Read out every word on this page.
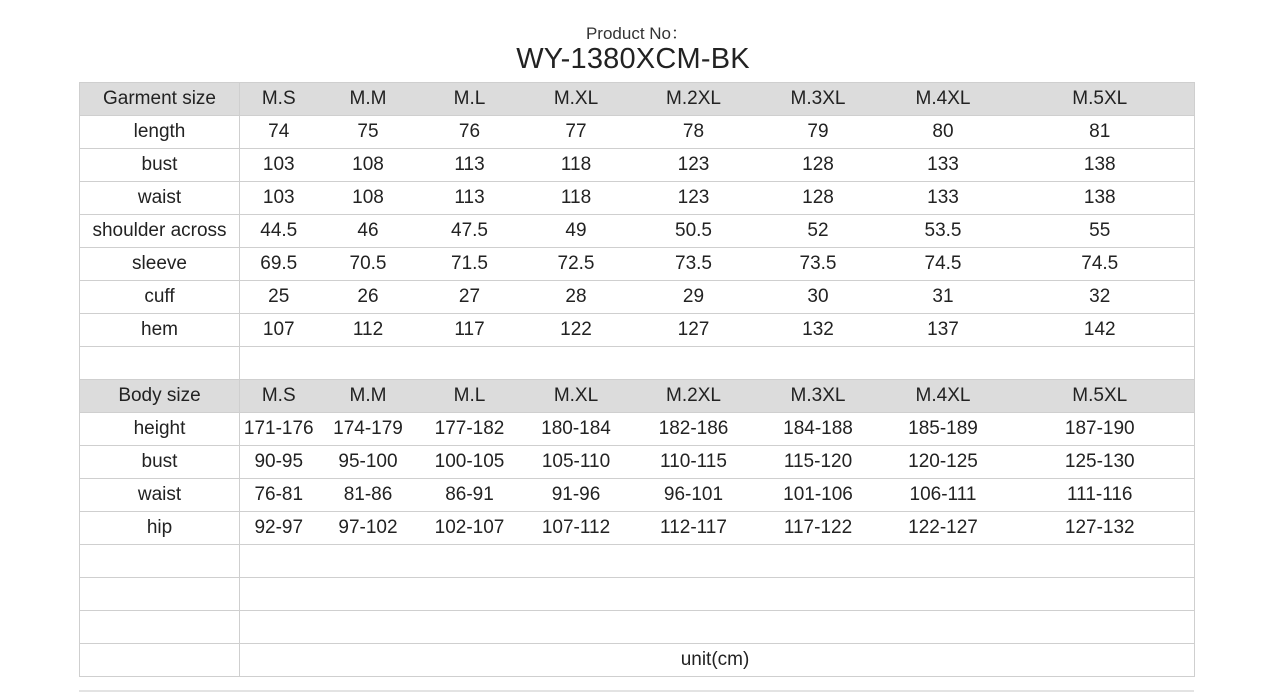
Product No：
WY-1380XCM-BK
Garment size	M.S	M.M	M.L	M.XL	M.2XL	M.3XL	M.4XL	M.5XL
length	74	75	76	77	78	79	80	81
bust	103	108	113	118	123	128	133	138
waist	103	108	113	118	123	128	133	138
shoulder across	44.5	46	47.5	49	50.5	52	53.5	55
sleeve	69.5	70.5	71.5	72.5	73.5	73.5	74.5	74.5
cuff	25	26	27	28	29	30	31	32
hem	107	112	117	122	127	132	137	142

Body size	M.S	M.M	M.L	M.XL	M.2XL	M.3XL	M.4XL	M.5XL
height	171-176	174-179	177-182	180-184	182-186	184-188	185-189	187-190
bust	90-95	95-100	100-105	105-110	110-115	115-120	120-125	125-130
waist	76-81	81-86	86-91	91-96	96-101	101-106	106-111	111-116
hip	92-97	97-102	102-107	107-112	112-117	117-122	122-127	127-132

	unit(cm)							
